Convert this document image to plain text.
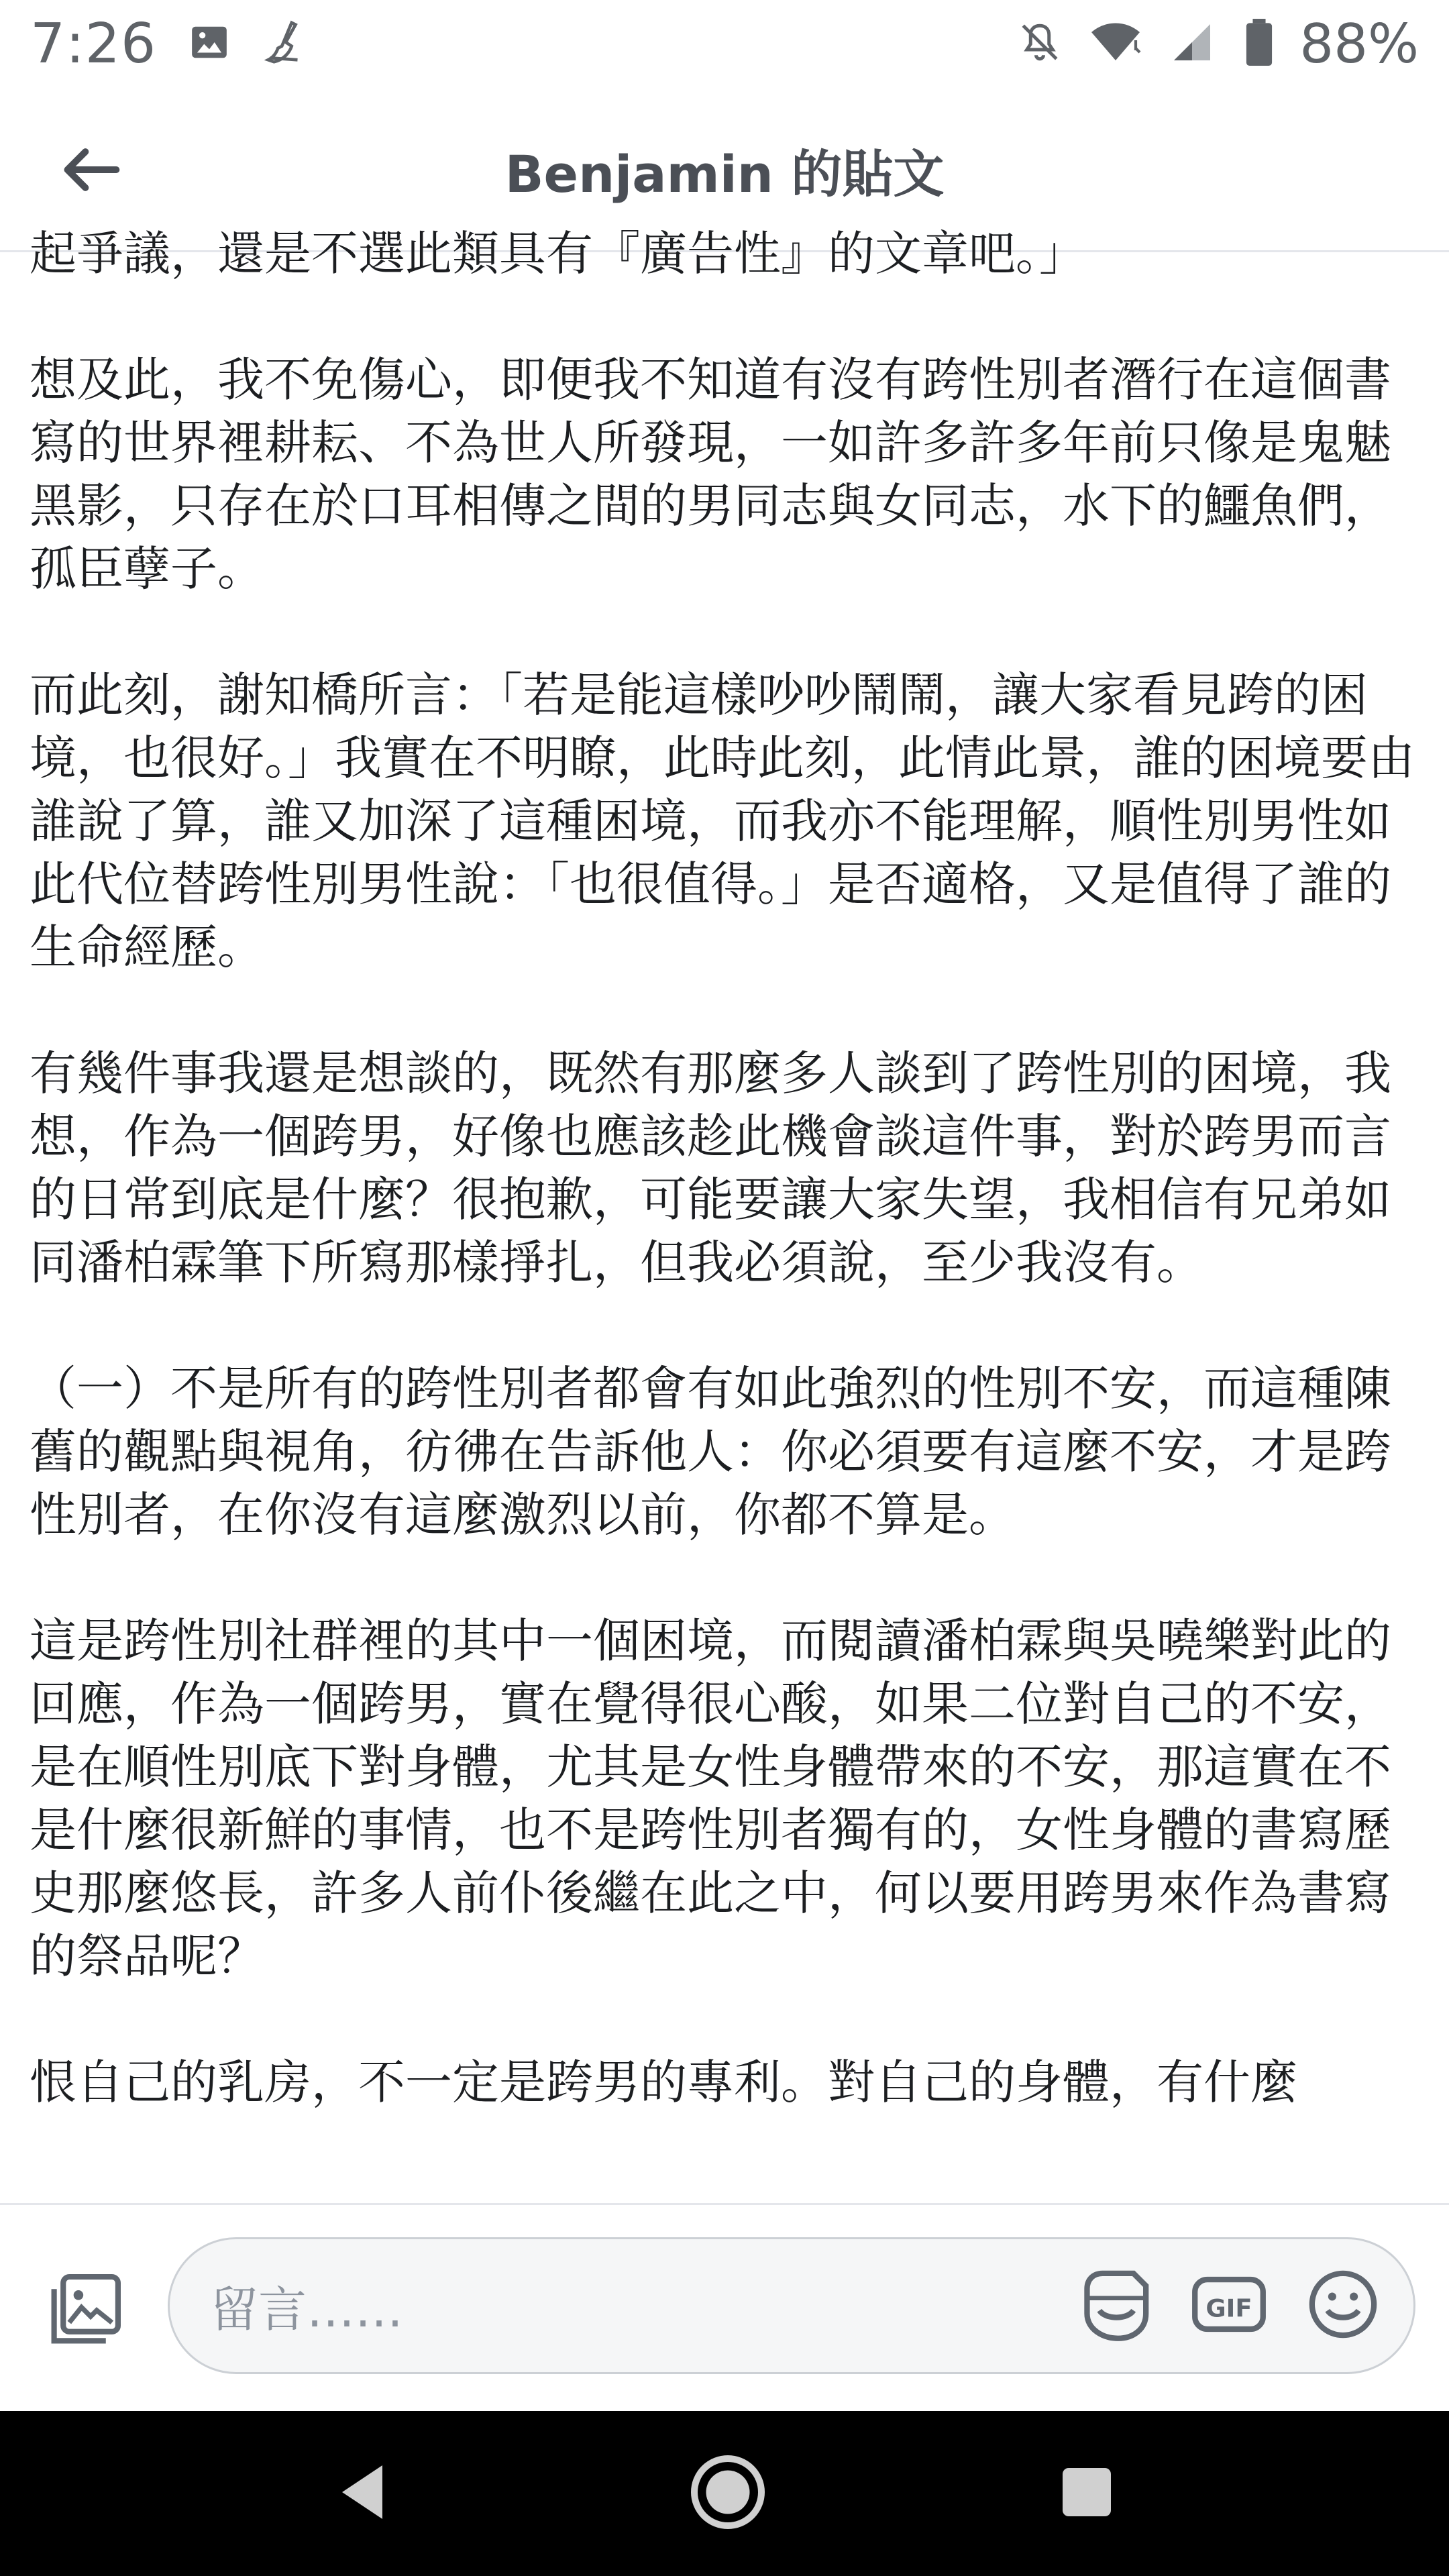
7:26	88%
Benjamin 的貼文

起爭議，還是不選此類具有『廣告性』的文章吧。」

想及此，我不免傷心，即便我不知道有沒有跨性別者潛行在這個書寫的世界裡耕耘、不為世人所發現，一如許多許多年前只像是鬼魅黑影，只存在於口耳相傳之間的男同志與女同志，水下的鱷魚們，孤臣孽子。

而此刻，謝知橋所言：「若是能這樣吵吵鬧鬧，讓大家看見跨的困境，也很好。」我實在不明瞭，此時此刻，此情此景，誰的困境要由誰說了算，誰又加深了這種困境，而我亦不能理解，順性別男性如此代位替跨性別男性說：「也很值得。」是否適格，又是值得了誰的生命經歷。

有幾件事我還是想談的，既然有那麼多人談到了跨性別的困境，我想，作為一個跨男，好像也應該趁此機會談這件事，對於跨男而言的日常到底是什麼？很抱歉，可能要讓大家失望，我相信有兄弟如同潘柏霖筆下所寫那樣掙扎，但我必須說，至少我沒有。

（一）不是所有的跨性別者都會有如此強烈的性別不安，而這種陳舊的觀點與視角，彷彿在告訴他人：你必須要有這麼不安，才是跨性別者，在你沒有這麼激烈以前，你都不算是。

這是跨性別社群裡的其中一個困境，而閱讀潘柏霖與吳曉樂對此的回應，作為一個跨男，實在覺得很心酸，如果二位對自己的不安，是在順性別底下對身體，尤其是女性身體帶來的不安，那這實在不是什麼很新鮮的事情，也不是跨性別者獨有的，女性身體的書寫歷史那麼悠長，許多人前仆後繼在此之中，何以要用跨男來作為書寫的祭品呢？

恨自己的乳房，不一定是跨男的專利。對自己的身體，有什麼

留言……	GIF
